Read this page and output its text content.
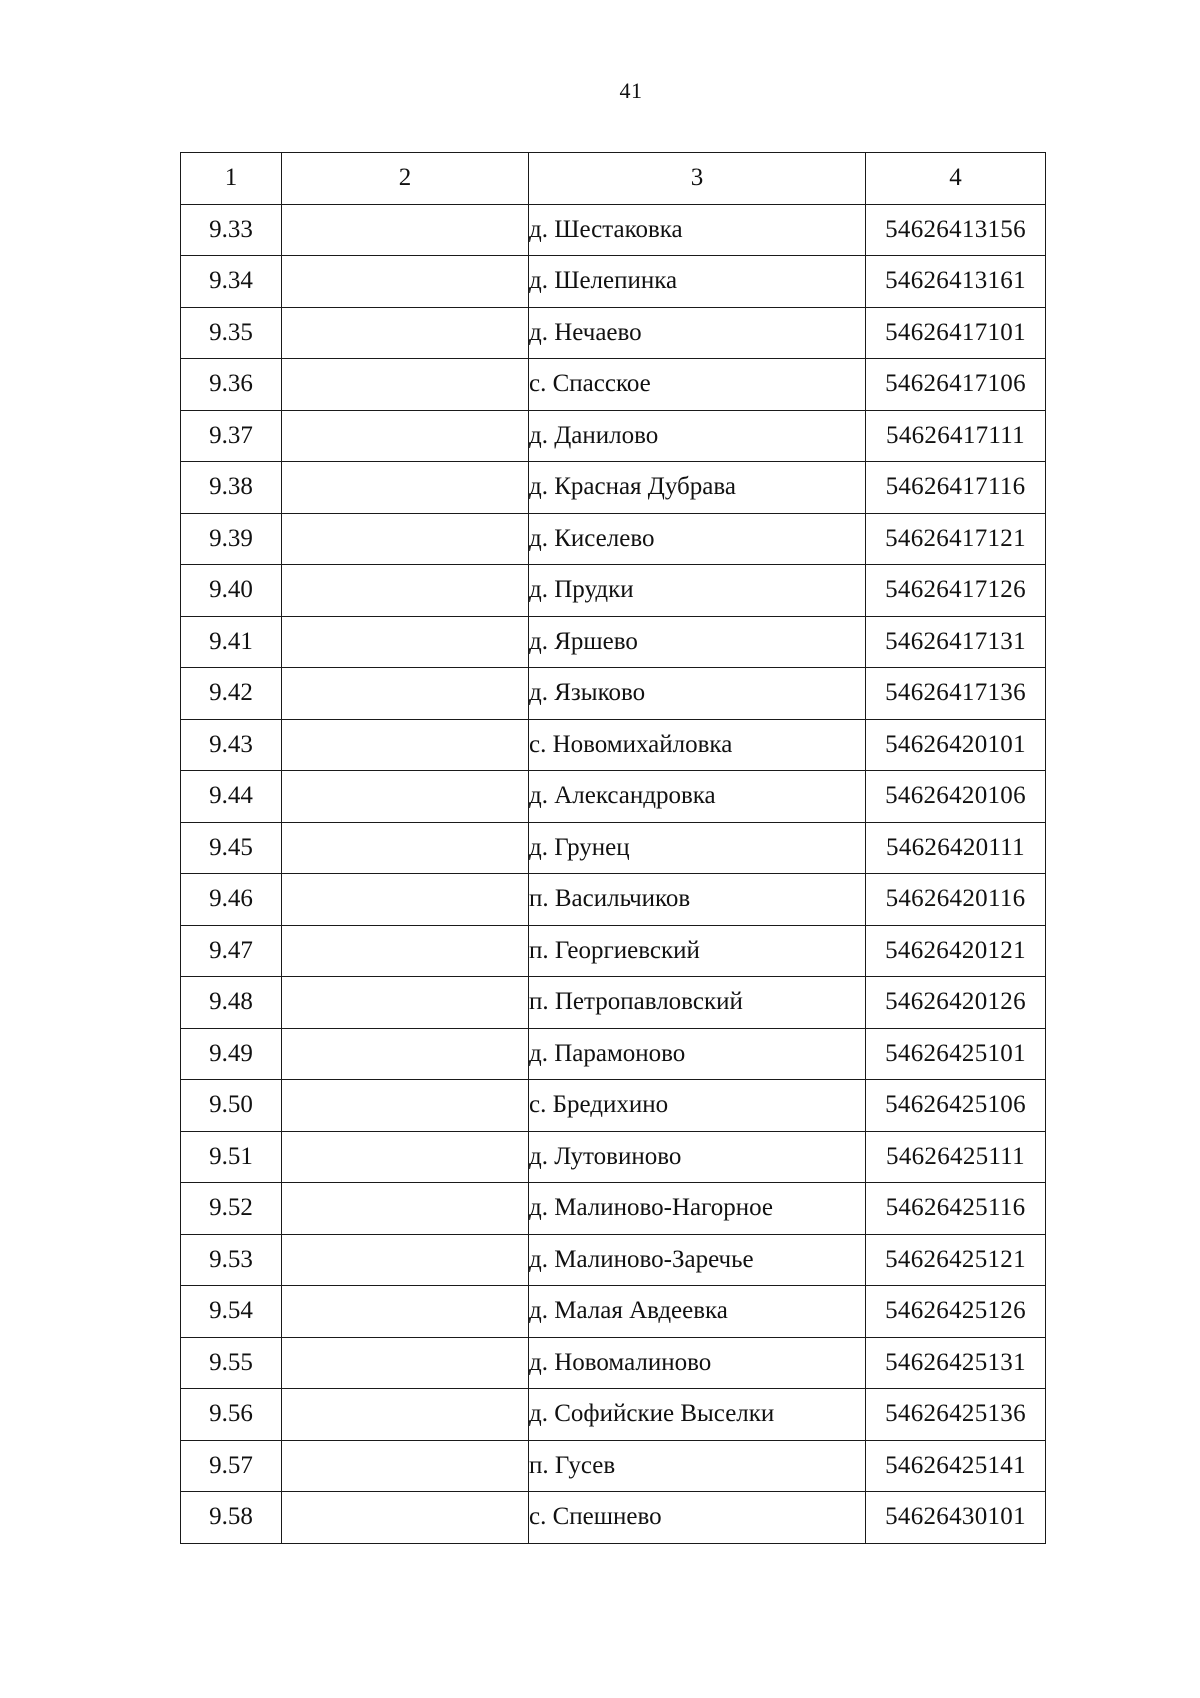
41
1	2	3	4
9.33		д. Шестаковка	54626413156
9.34		д. Шелепинка	54626413161
9.35		д. Нечаево	54626417101
9.36		с. Спасское	54626417106
9.37		д. Данилово	54626417111
9.38		д. Красная Дубрава	54626417116
9.39		д. Киселево	54626417121
9.40		д. Прудки	54626417126
9.41		д. Яршево	54626417131
9.42		д. Языково	54626417136
9.43		с. Новомихайловка	54626420101
9.44		д. Александровка	54626420106
9.45		д. Грунец	54626420111
9.46		п. Васильчиков	54626420116
9.47		п. Георгиевский	54626420121
9.48		п. Петропавловский	54626420126
9.49		д. Парамоново	54626425101
9.50		с. Бредихино	54626425106
9.51		д. Лутовиново	54626425111
9.52		д. Малиново-Нагорное	54626425116
9.53		д. Малиново-Заречье	54626425121
9.54		д. Малая Авдеевка	54626425126
9.55		д. Новомалиново	54626425131
9.56		д. Софийские Выселки	54626425136
9.57		п. Гусев	54626425141
9.58		с. Спешнево	54626430101
